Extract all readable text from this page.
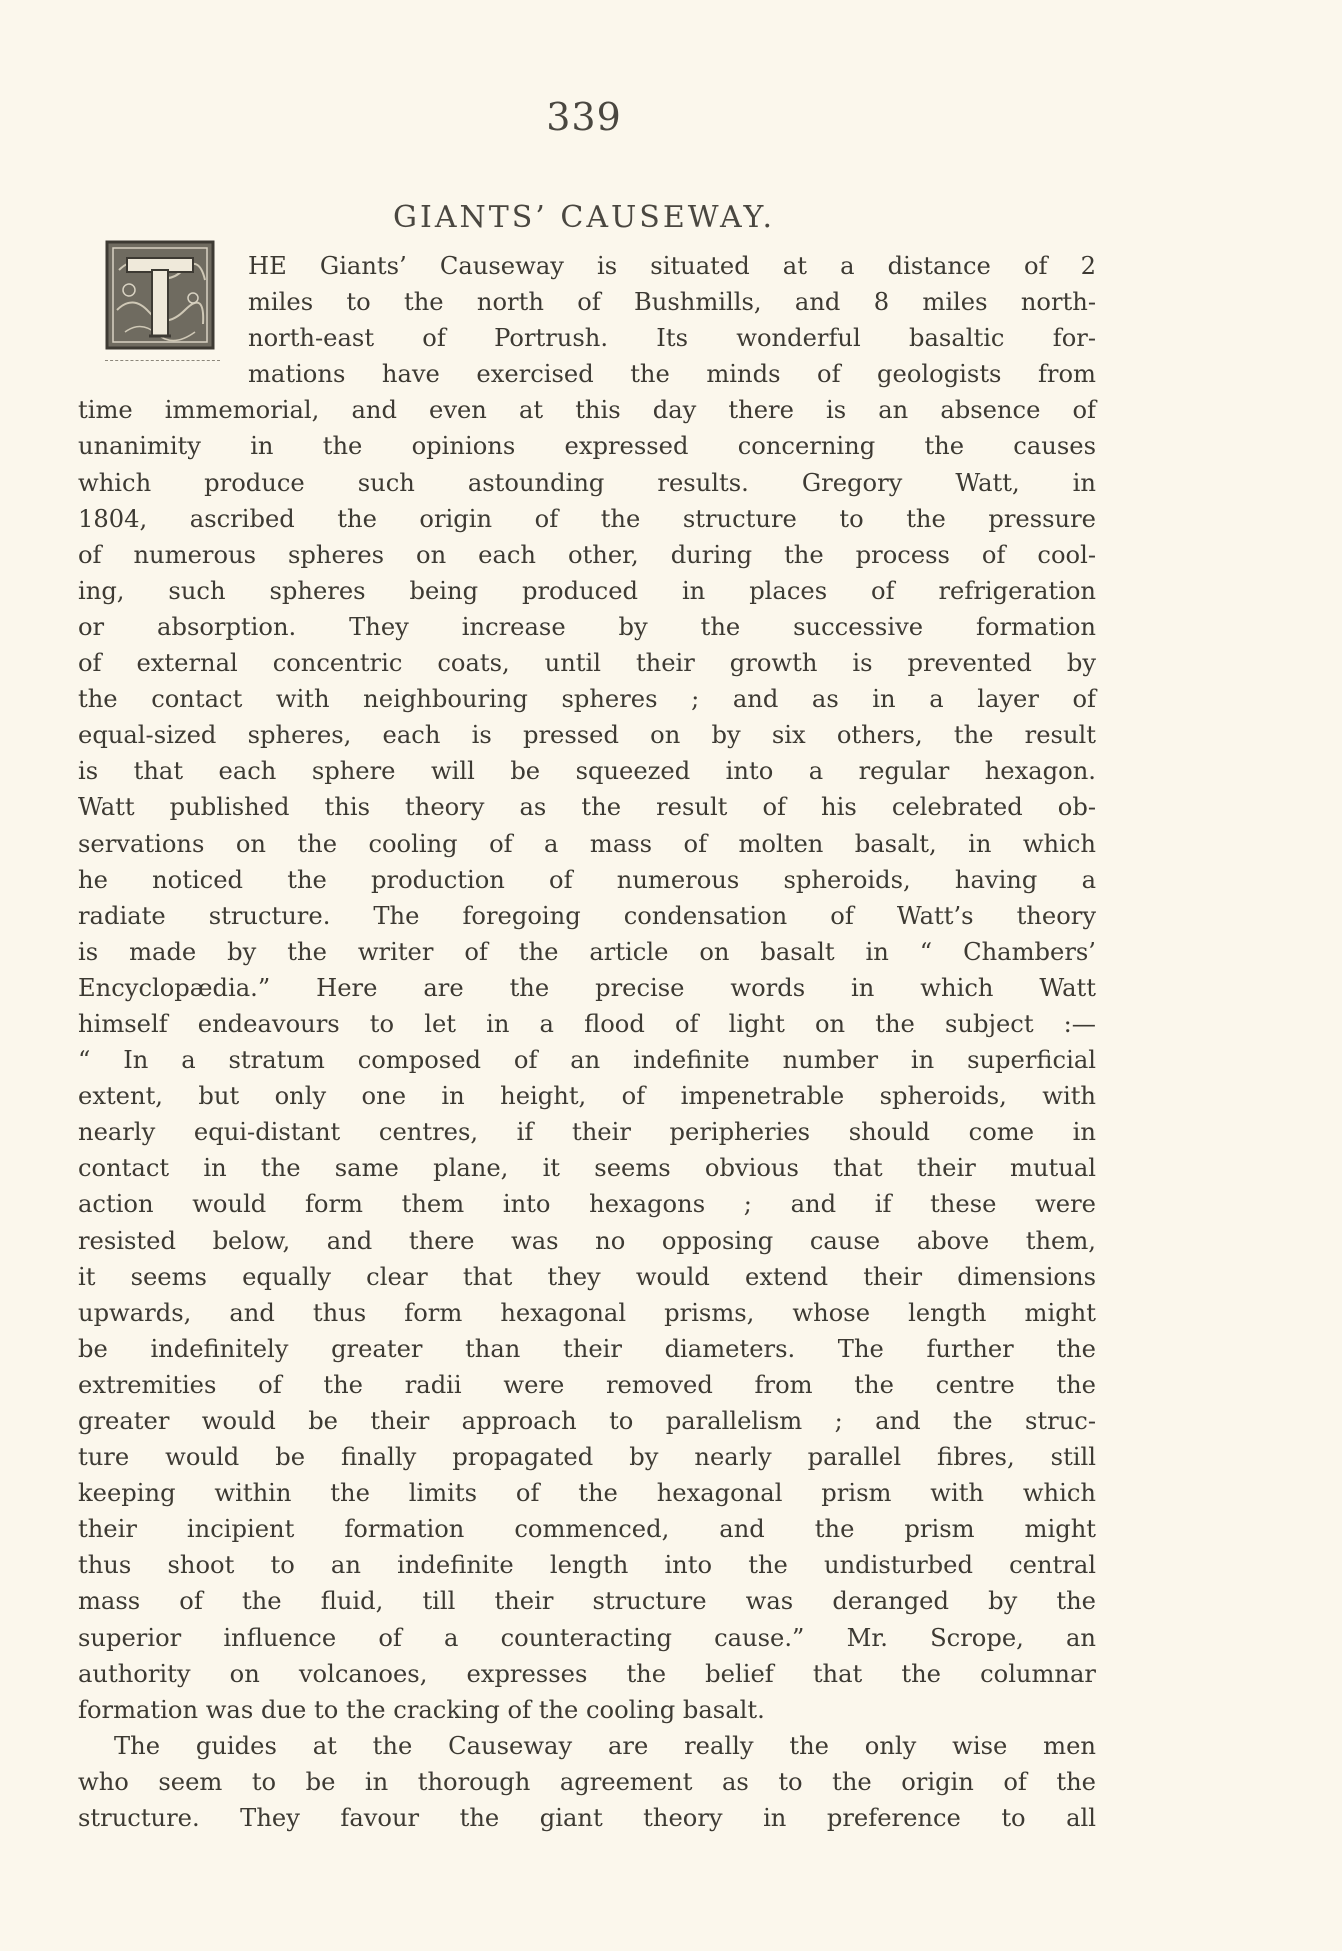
339
GIANTS’ CAUSEWAY.
HE Giants’ Causeway is situated at a distance of 2
miles to the north of Bushmills, and 8 miles north-
north-east of Portrush. Its wonderful basaltic for-
mations have exercised the minds of geologists from
time immemorial, and even at this day there is an absence of
unanimity in the opinions expressed concerning the causes
which produce such astounding results. Gregory Watt, in
1804, ascribed the origin of the structure to the pressure
of numerous spheres on each other, during the process of cool-
ing, such spheres being produced in places of refrigeration
or absorption. They increase by the successive formation
of external concentric coats, until their growth is prevented by
the contact with neighbouring spheres ; and as in a layer of
equal-sized spheres, each is pressed on by six others, the result
is that each sphere will be squeezed into a regular hexagon.
Watt published this theory as the result of his celebrated ob-
servations on the cooling of a mass of molten basalt, in which
he noticed the production of numerous spheroids, having a
radiate structure. The foregoing condensation of Watt’s theory
is made by the writer of the article on basalt in “ Chambers’
Encyclopædia.” Here are the precise words in which Watt
himself endeavours to let in a flood of light on the subject :—
“ In a stratum composed of an indefinite number in superficial
extent, but only one in height, of impenetrable spheroids, with
nearly equi-distant centres, if their peripheries should come in
contact in the same plane, it seems obvious that their mutual
action would form them into hexagons ; and if these were
resisted below, and there was no opposing cause above them,
it seems equally clear that they would extend their dimensions
upwards, and thus form hexagonal prisms, whose length might
be indefinitely greater than their diameters. The further the
extremities of the radii were removed from the centre the
greater would be their approach to parallelism ; and the struc-
ture would be finally propagated by nearly parallel fibres, still
keeping within the limits of the hexagonal prism with which
their incipient formation commenced, and the prism might
thus shoot to an indefinite length into the undisturbed central
mass of the fluid, till their structure was deranged by the
superior influence of a counteracting cause.” Mr. Scrope, an
authority on volcanoes, expresses the belief that the columnar
formation was due to the cracking of the cooling basalt.
The guides at the Causeway are really the only wise men
who seem to be in thorough agreement as to the origin of the
structure. They favour the giant theory in preference to all
